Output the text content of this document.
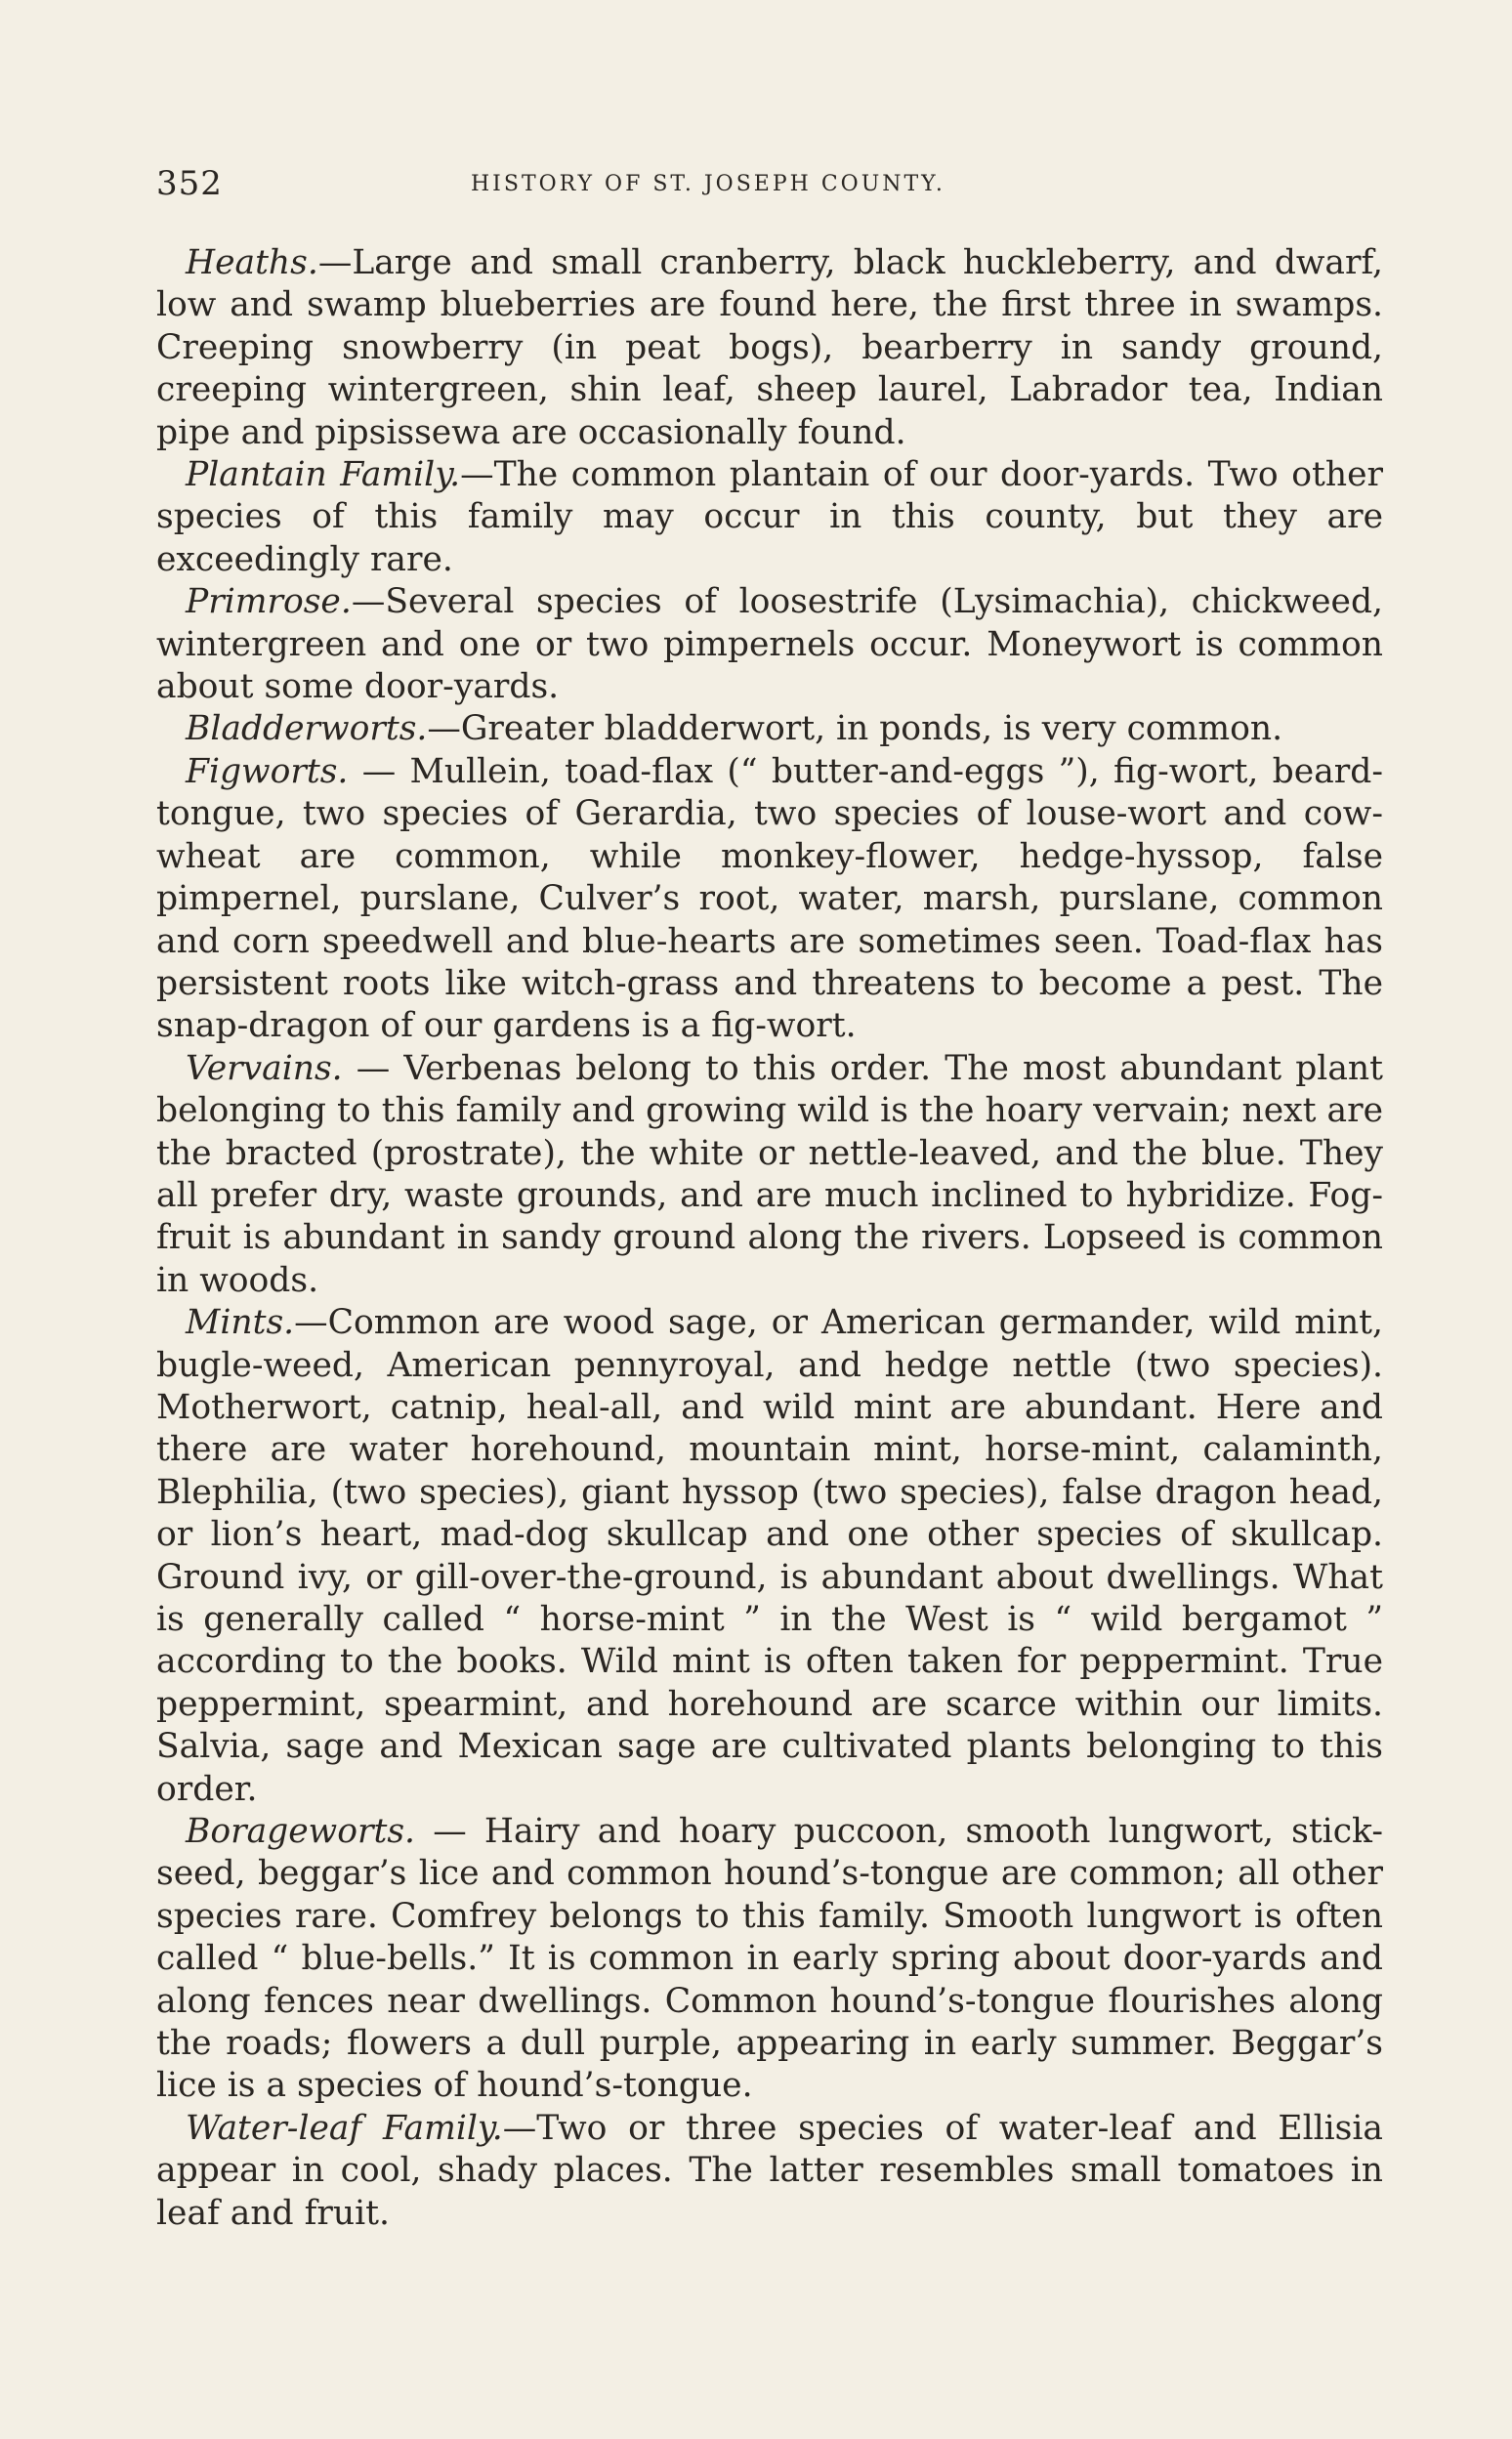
352	HISTORY OF ST. JOSEPH COUNTY.

Heaths.—Large and small cranberry, black huckleberry, and dwarf, low and swamp blueberries are found here, the first three in swamps. Creeping snowberry (in peat bogs), bearberry in sandy ground, creeping wintergreen, shin leaf, sheep laurel, Labrador tea, Indian pipe and pipsissewa are occasionally found.

Plantain Family.—The common plantain of our door-yards. Two other species of this family may occur in this county, but they are exceedingly rare.

Primrose.—Several species of loosestrife (Lysimachia), chickweed, wintergreen and one or two pimpernels occur. Moneywort is common about some door-yards.

Bladderworts.—Greater bladderwort, in ponds, is very common.

Figworts. — Mullein, toad-flax (“ butter-and-eggs ”), fig-wort, beard-tongue, two species of Gerardia, two species of louse-wort and cow-wheat are common, while monkey-flower, hedge-hyssop, false pimpernel, purslane, Culver’s root, water, marsh, purslane, common and corn speedwell and blue-hearts are sometimes seen. Toad-flax has persistent roots like witch-grass and threatens to become a pest. The snap-dragon of our gardens is a fig-wort.

Vervains. — Verbenas belong to this order. The most abundant plant belonging to this family and growing wild is the hoary vervain; next are the bracted (prostrate), the white or nettle-leaved, and the blue. They all prefer dry, waste grounds, and are much inclined to hybridize. Fog-fruit is abundant in sandy ground along the rivers. Lopseed is common in woods.

Mints.—Common are wood sage, or American germander, wild mint, bugle-weed, American pennyroyal, and hedge nettle (two species). Motherwort, catnip, heal-all, and wild mint are abundant. Here and there are water horehound, mountain mint, horse-mint, calaminth, Blephilia, (two species), giant hyssop (two species), false dragon head, or lion’s heart, mad-dog skullcap and one other species of skullcap. Ground ivy, or gill-over-the-ground, is abundant about dwellings. What is generally called “ horse-mint ” in the West is “ wild bergamot ” according to the books. Wild mint is often taken for peppermint. True peppermint, spearmint, and horehound are scarce within our limits. Salvia, sage and Mexican sage are cultivated plants belonging to this order.

Borageworts. — Hairy and hoary puccoon, smooth lungwort, stick-seed, beggar’s lice and common hound’s-tongue are common; all other species rare. Comfrey belongs to this family. Smooth lungwort is often called “ blue-bells.” It is common in early spring about door-yards and along fences near dwellings. Common hound’s-tongue flourishes along the roads; flowers a dull purple, appearing in early summer. Beggar’s lice is a species of hound’s-tongue.

Water-leaf Family.—Two or three species of water-leaf and Ellisia appear in cool, shady places. The latter resembles small tomatoes in leaf and fruit.
